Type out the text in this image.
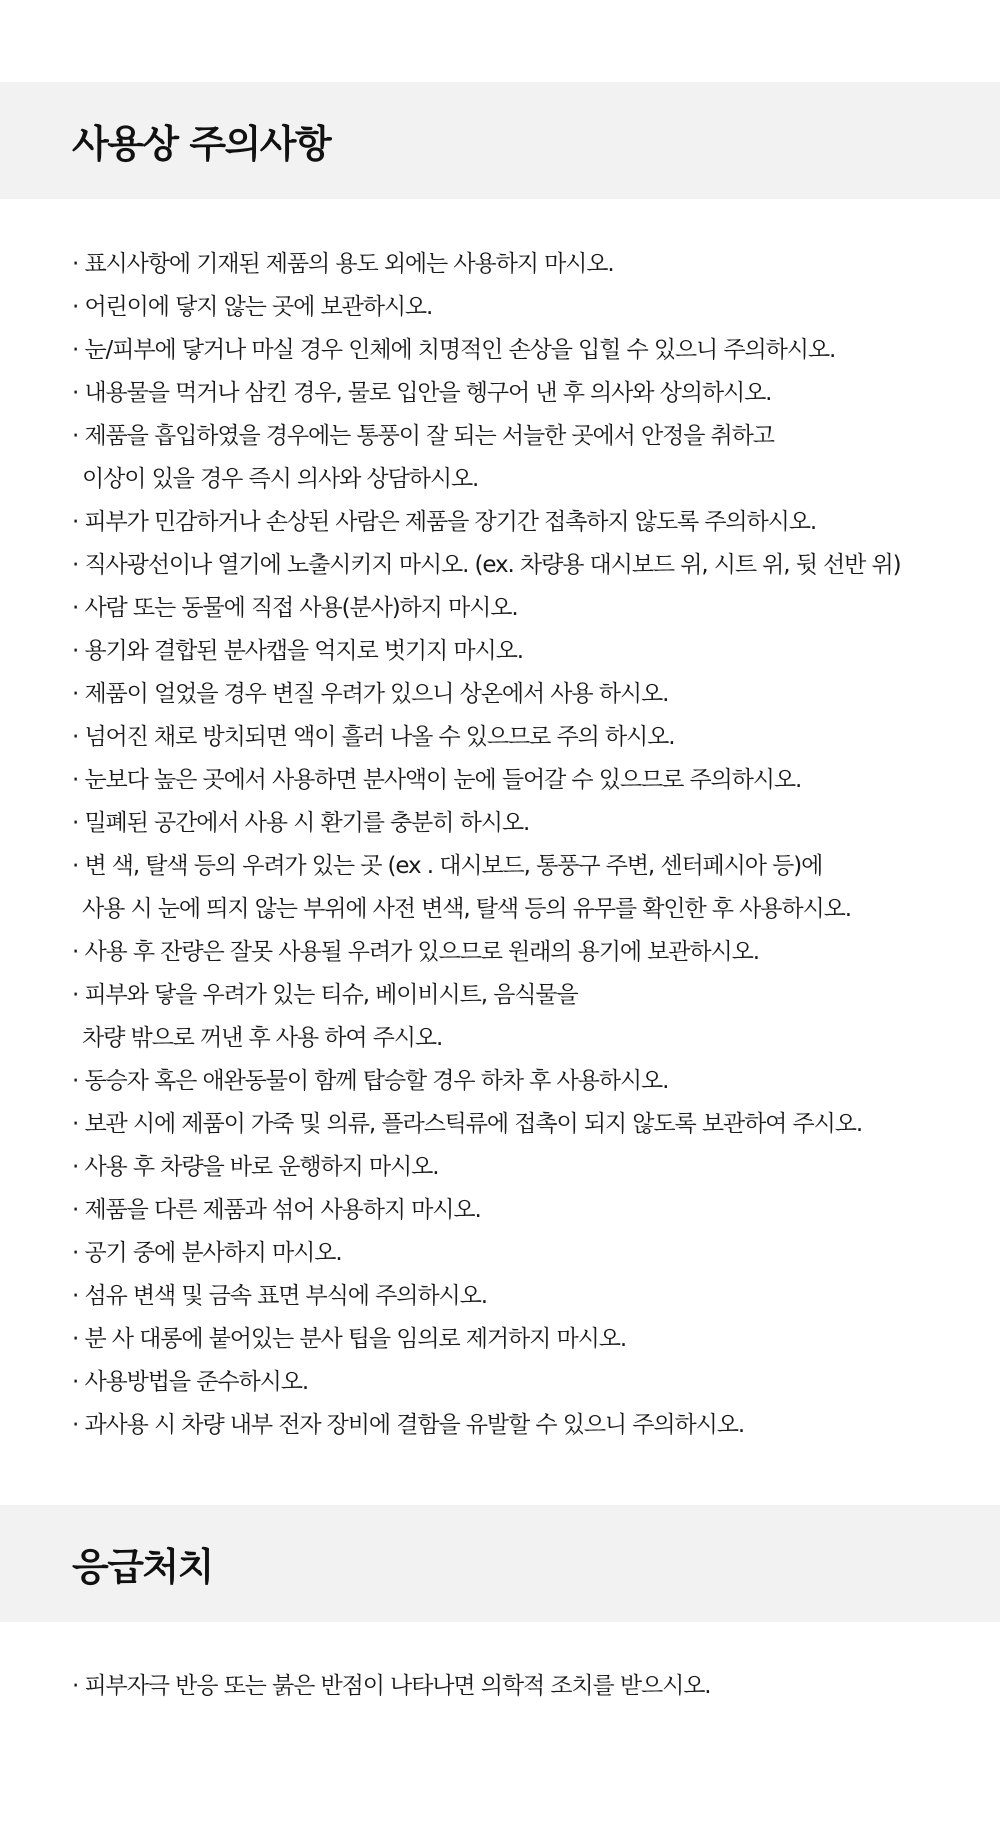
사용상 주의사항
· 표시사항에 기재된 제품의 용도 외에는 사용하지 마시오.
· 어린이에 닿지 않는 곳에 보관하시오.
· 눈/피부에 닿거나 마실 경우 인체에 치명적인 손상을 입힐 수 있으니 주의하시오.
· 내용물을 먹거나 삼킨 경우, 물로 입안을 헹구어 낸 후 의사와 상의하시오.
· 제품을 흡입하였을 경우에는 통풍이 잘 되는 서늘한 곳에서 안정을 취하고
이상이 있을 경우 즉시 의사와 상담하시오.
· 피부가 민감하거나 손상된 사람은 제품을 장기간 접촉하지 않도록 주의하시오.
· 직사광선이나 열기에 노출시키지 마시오. (ex. 차량용 대시보드 위, 시트 위, 뒷 선반 위)
· 사람 또는 동물에 직접 사용(분사)하지 마시오.
· 용기와 결합된 분사캡을 억지로 벗기지 마시오.
· 제품이 얼었을 경우 변질 우려가 있으니 상온에서 사용 하시오.
· 넘어진 채로 방치되면 액이 흘러 나올 수 있으므로 주의 하시오.
· 눈보다 높은 곳에서 사용하면 분사액이 눈에 들어갈 수 있으므로 주의하시오.
· 밀폐된 공간에서 사용 시 환기를 충분히 하시오.
· 변 색, 탈색 등의 우려가 있는 곳 (ex . 대시보드, 통풍구 주변, 센터페시아 등)에
사용 시 눈에 띄지 않는 부위에 사전 변색, 탈색 등의 유무를 확인한 후 사용하시오.
· 사용 후 잔량은 잘못 사용될 우려가 있으므로 원래의 용기에 보관하시오.
· 피부와 닿을 우려가 있는 티슈, 베이비시트, 음식물을
차량 밖으로 꺼낸 후 사용 하여 주시오.
· 동승자 혹은 애완동물이 함께 탑승할 경우 하차 후 사용하시오.
· 보관 시에 제품이 가죽 및 의류, 플라스틱류에 접촉이 되지 않도록 보관하여 주시오.
· 사용 후 차량을 바로 운행하지 마시오.
· 제품을 다른 제품과 섞어 사용하지 마시오.
· 공기 중에 분사하지 마시오.
· 섬유 변색 및 금속 표면 부식에 주의하시오.
· 분 사 대롱에 붙어있는 분사 팁을 임의로 제거하지 마시오.
· 사용방법을 준수하시오.
· 과사용 시 차량 내부 전자 장비에 결함을 유발할 수 있으니 주의하시오.
응급처치
· 피부자극 반응 또는 붉은 반점이 나타나면 의학적 조치를 받으시오.
